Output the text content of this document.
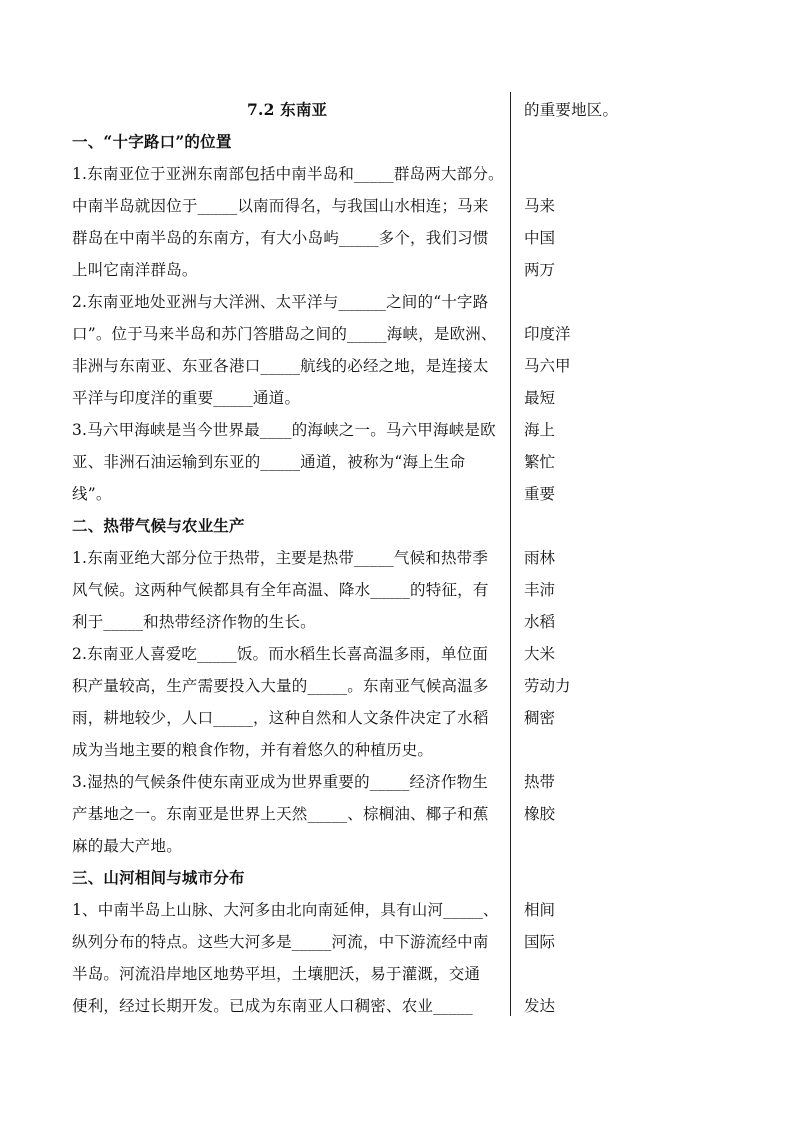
7.2 东南亚	的重要地区。
一、“十字路口”的位置
1.东南亚位于亚洲东南部包括中南半岛和_____群岛两大部分。
中南半岛就因位于_____以南而得名，与我国山水相连；马来
群岛在中南半岛的东南方，有大小岛屿_____多个，我们习惯
上叫它南洋群岛。
2.东南亚地处亚洲与大洋洲、太平洋与______之间的“十字路
口”。位于马来半岛和苏门答腊岛之间的_____海峡，是欧洲、
非洲与东南亚、东亚各港口_____航线的必经之地，是连接太
平洋与印度洋的重要_____通道。
3.马六甲海峡是当今世界最____的海峡之一。马六甲海峡是欧
亚、非洲石油运输到东亚的_____通道，被称为“海上生命
线”。
二、热带气候与农业生产
1.东南亚绝大部分位于热带，主要是热带_____气候和热带季
风气候。这两种气候都具有全年高温、降水_____的特征，有
利于_____和热带经济作物的生长。
2.东南亚人喜爱吃_____饭。而水稻生长喜高温多雨，单位面
积产量较高，生产需要投入大量的_____。东南亚气候高温多
雨，耕地较少，人口_____，这种自然和人文条件决定了水稻
成为当地主要的粮食作物，并有着悠久的种植历史。
3.湿热的气候条件使东南亚成为世界重要的_____经济作物生
产基地之一。东南亚是世界上天然_____、棕榈油、椰子和蕉
麻的最大产地。
三、山河相间与城市分布
1、中南半岛上山脉、大河多由北向南延伸，具有山河_____、
纵列分布的特点。这些大河多是_____河流，中下游流经中南
半岛。河流沿岸地区地势平坦，土壤肥沃，易于灌溉，交通
便利，经过长期开发。已成为东南亚人口稠密、农业_____
马来
中国
两万
印度洋
马六甲
最短
海上
繁忙
重要
雨林
丰沛
水稻
大米
劳动力
稠密
热带
橡胶
相间
国际
发达
